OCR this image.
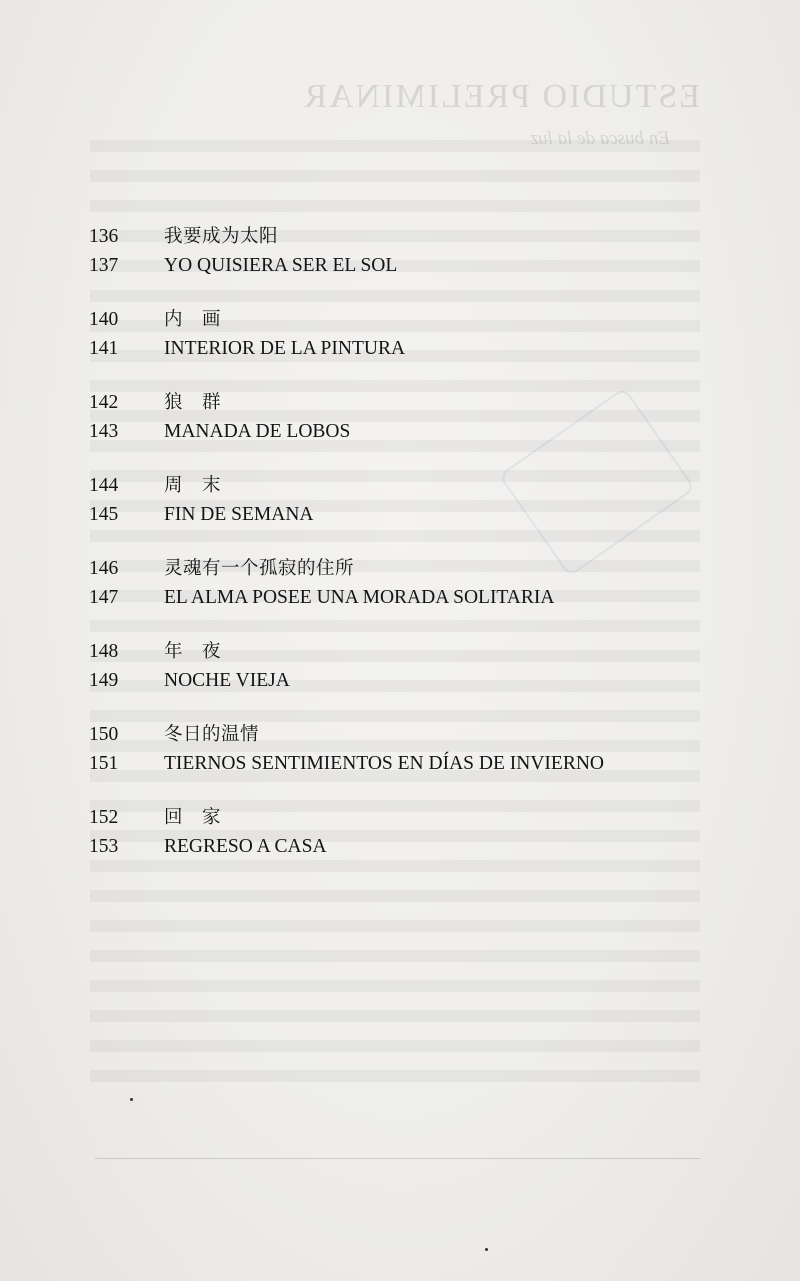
ESTUDIO PRELIMINAR
En busca de la luz
136	我要成为太阳
137	YO QUISIERA SER EL SOL
140	内　画
141	INTERIOR DE LA PINTURA
142	狼　群
143	MANADA DE LOBOS
144	周　末
145	FIN DE SEMANA
146	灵魂有一个孤寂的住所
147	EL ALMA POSEE UNA MORADA SOLITARIA
148	年　夜
149	NOCHE VIEJA
150	冬日的温情
151	TIERNOS SENTIMIENTOS EN DÍAS DE INVIERNO
152	回　家
153	REGRESO A CASA
